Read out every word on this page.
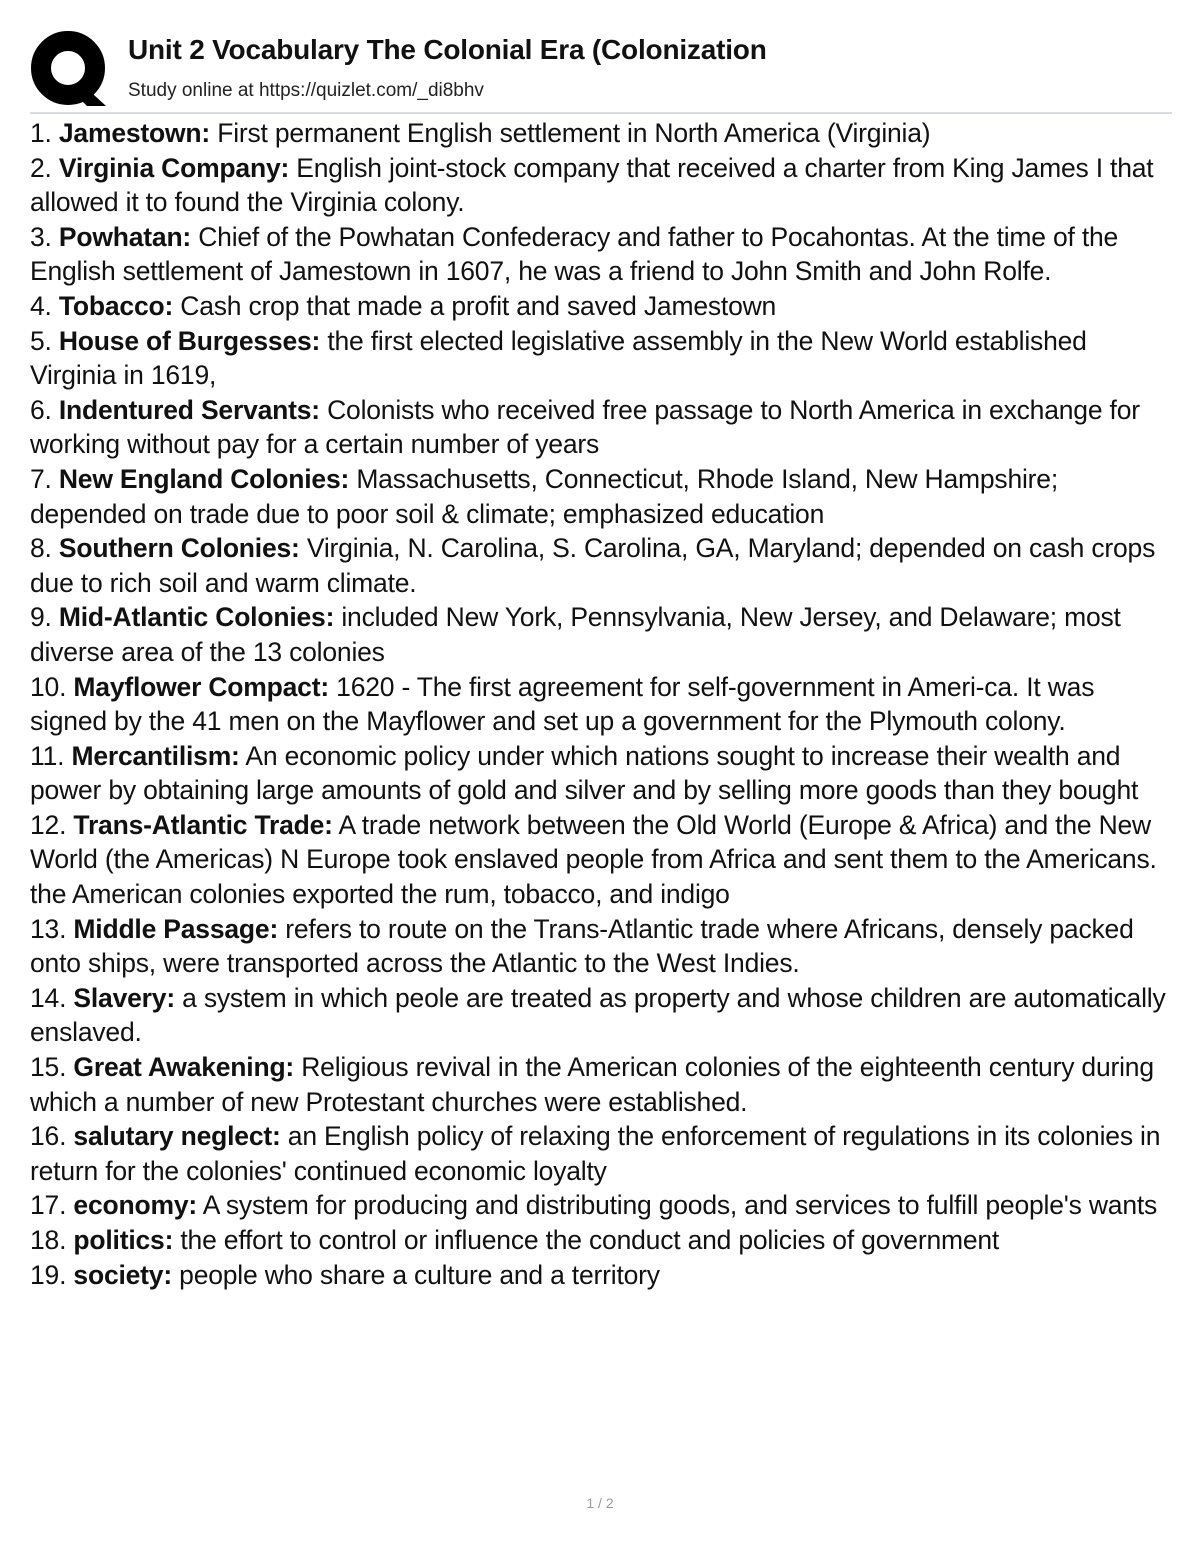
Unit 2 Vocabulary The Colonial Era (Colonization
Study online at https://quizlet.com/_di8bhv
1. Jamestown: First permanent English settlement in North America (Virginia)
2. Virginia Company: English joint-stock company that received a charter from King James I that allowed it to found the Virginia colony.
3. Powhatan: Chief of the Powhatan Confederacy and father to Pocahontas. At the time of the English settlement of Jamestown in 1607, he was a friend to John Smith and John Rolfe.
4. Tobacco: Cash crop that made a profit and saved Jamestown
5. House of Burgesses: the first elected legislative assembly in the New World established Virginia in 1619,
6. Indentured Servants: Colonists who received free passage to North America in exchange for working without pay for a certain number of years
7. New England Colonies: Massachusetts, Connecticut, Rhode Island, New Hampshire; depended on trade due to poor soil & climate; emphasized education
8. Southern Colonies: Virginia, N. Carolina, S. Carolina, GA, Maryland; depended on cash crops due to rich soil and warm climate.
9. Mid-Atlantic Colonies: included New York, Pennsylvania, New Jersey, and Delaware; most diverse area of the 13 colonies
10. Mayflower Compact: 1620 - The first agreement for self-government in Ameri-ca. It was signed by the 41 men on the Mayflower and set up a government for the Plymouth colony.
11. Mercantilism: An economic policy under which nations sought to increase their wealth and power by obtaining large amounts of gold and silver and by selling more goods than they bought
12. Trans-Atlantic Trade: A trade network between the Old World (Europe & Africa) and the New World (the Americas) N Europe took enslaved people from Africa and sent them to the Americans. the American colonies exported the rum, tobacco, and indigo
13. Middle Passage: refers to route on the Trans-Atlantic trade where Africans, densely packed onto ships, were transported across the Atlantic to the West Indies.
14. Slavery: a system in which peole are treated as property and whose children are automatically enslaved.
15. Great Awakening: Religious revival in the American colonies of the eighteenth century during which a number of new Protestant churches were established.
16. salutary neglect: an English policy of relaxing the enforcement of regulations in its colonies in return for the colonies' continued economic loyalty
17. economy: A system for producing and distributing goods, and services to fulfill people's wants
18. politics: the effort to control or influence the conduct and policies of government
19. society: people who share a culture and a territory
1 / 2
